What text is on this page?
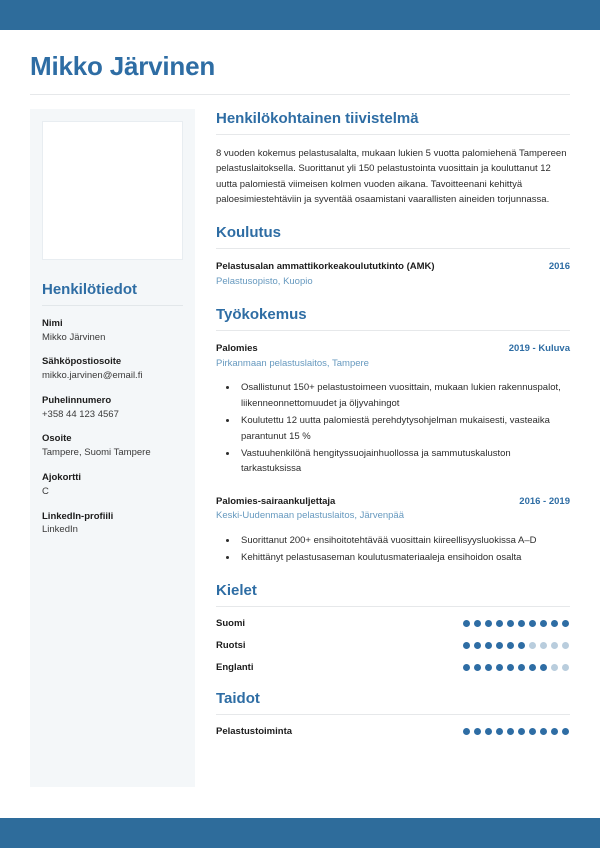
Mikko Järvinen
Henkilötiedot
Nimi
Mikko Järvinen
Sähköpostiosoite
mikko.jarvinen@email.fi
Puhelinnumero
+358 44 123 4567
Osoite
Tampere, Suomi Tampere
Ajokortti
C
LinkedIn-profiili
LinkedIn
Henkilökohtainen tiivistelmä
8 vuoden kokemus pelastusalalta, mukaan lukien 5 vuotta palomiehenä Tampereen pelastuslaitoksella. Suorittanut yli 150 pelastustointa vuosittain ja kouluttanut 12 uutta palomiestä viimeisen kolmen vuoden aikana. Tavoitteenani kehittyä paloesimiestehtäviin ja syventää osaamistani vaarallisten aineiden torjunnassa.
Koulutus
Pelastusalan ammattikorkeakoulututkinto (AMK)	2016
Pelastusopisto, Kuopio
Työkokemus
Palomies	2019 - Kuluva
Pirkanmaan pelastuslaitos, Tampere
• Osallistunut 150+ pelastustoimeen vuosittain, mukaan lukien rakennuspalot, liikenneonnettomuudet ja öljyvahingot
• Koulutettu 12 uutta palomiestä perehdytysohjelman mukaisesti, vasteaika parantunut 15 %
• Vastuuhenkilönä hengityssuojainhuollossa ja sammutuskaluston tarkastuksissa
Palomies-sairaankuljettaja	2016 - 2019
Keski-Uudenmaan pelastuslaitos, Järvenpää
• Suorittanut 200+ ensihoitotehtävää vuosittain kiireellisyysluokissa A–D
• Kehittänyt pelastusaseman koulutusmateriaaleja ensihoidon osalta
Kielet
Suomi
Ruotsi
Englanti
Taidot
Pelastustoiminta
